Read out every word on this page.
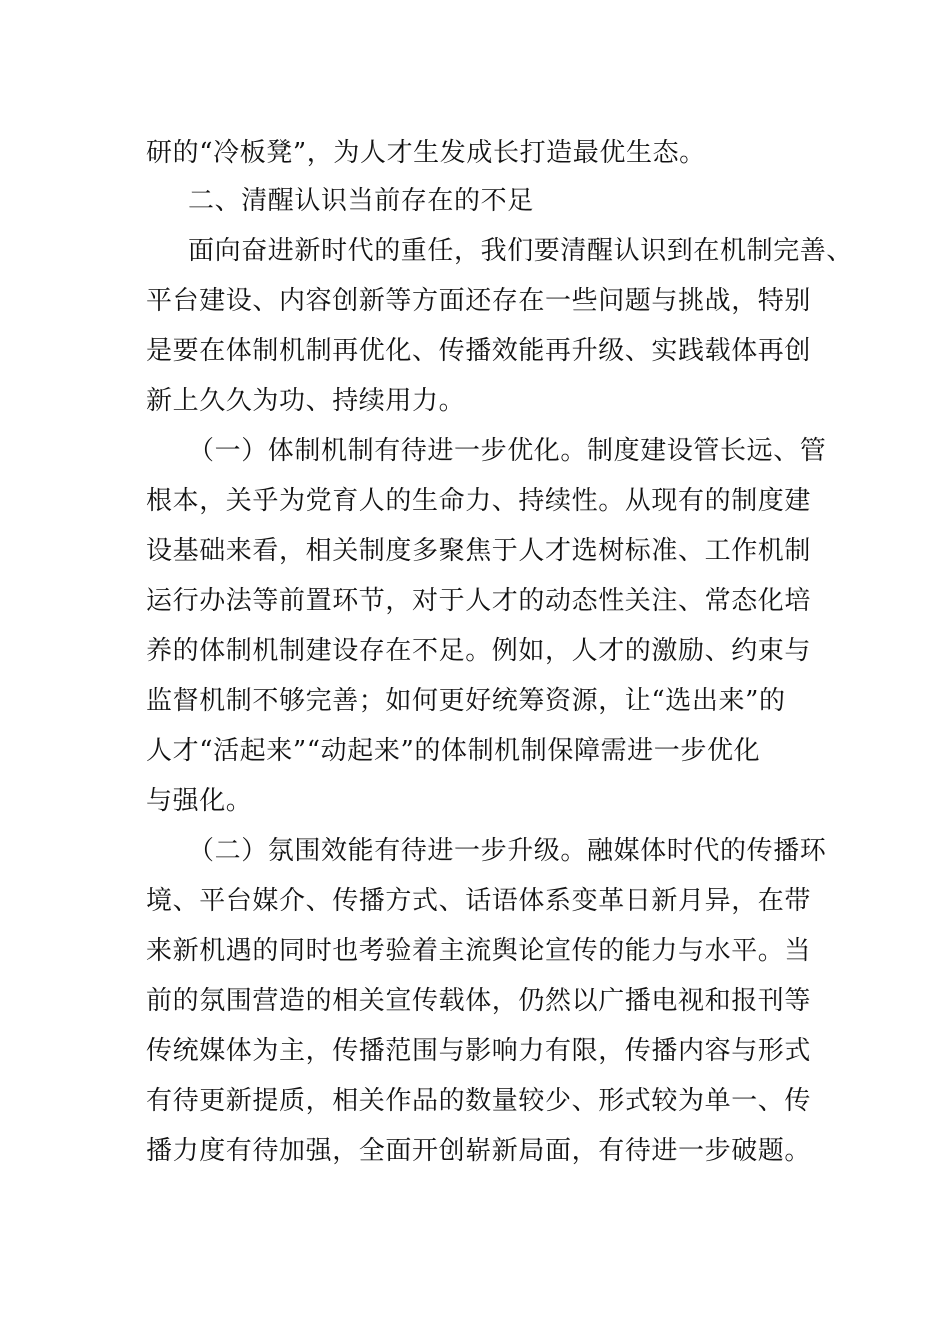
研的“冷板凳”，为人才生发成长打造最优生态。
二、清醒认识当前存在的不足
面向奋进新时代的重任，我们要清醒认识到在机制完善、
平台建设、内容创新等方面还存在一些问题与挑战，特别
是要在体制机制再优化、传播效能再升级、实践载体再创
新上久久为功、持续用力。
（一）体制机制有待进一步优化。制度建设管长远、管
根本，关乎为党育人的生命力、持续性。从现有的制度建
设基础来看，相关制度多聚焦于人才选树标准、工作机制
运行办法等前置环节，对于人才的动态性关注、常态化培
养的体制机制建设存在不足。例如，人才的激励、约束与
监督机制不够完善；如何更好统筹资源，让“选出来”的
人才“活起来”“动起来”的体制机制保障需进一步优化
与强化。
（二）氛围效能有待进一步升级。融媒体时代的传播环
境、平台媒介、传播方式、话语体系变革日新月异，在带
来新机遇的同时也考验着主流舆论宣传的能力与水平。当
前的氛围营造的相关宣传载体，仍然以广播电视和报刊等
传统媒体为主，传播范围与影响力有限，传播内容与形式
有待更新提质，相关作品的数量较少、形式较为单一、传
播力度有待加强，全面开创崭新局面，有待进一步破题。
